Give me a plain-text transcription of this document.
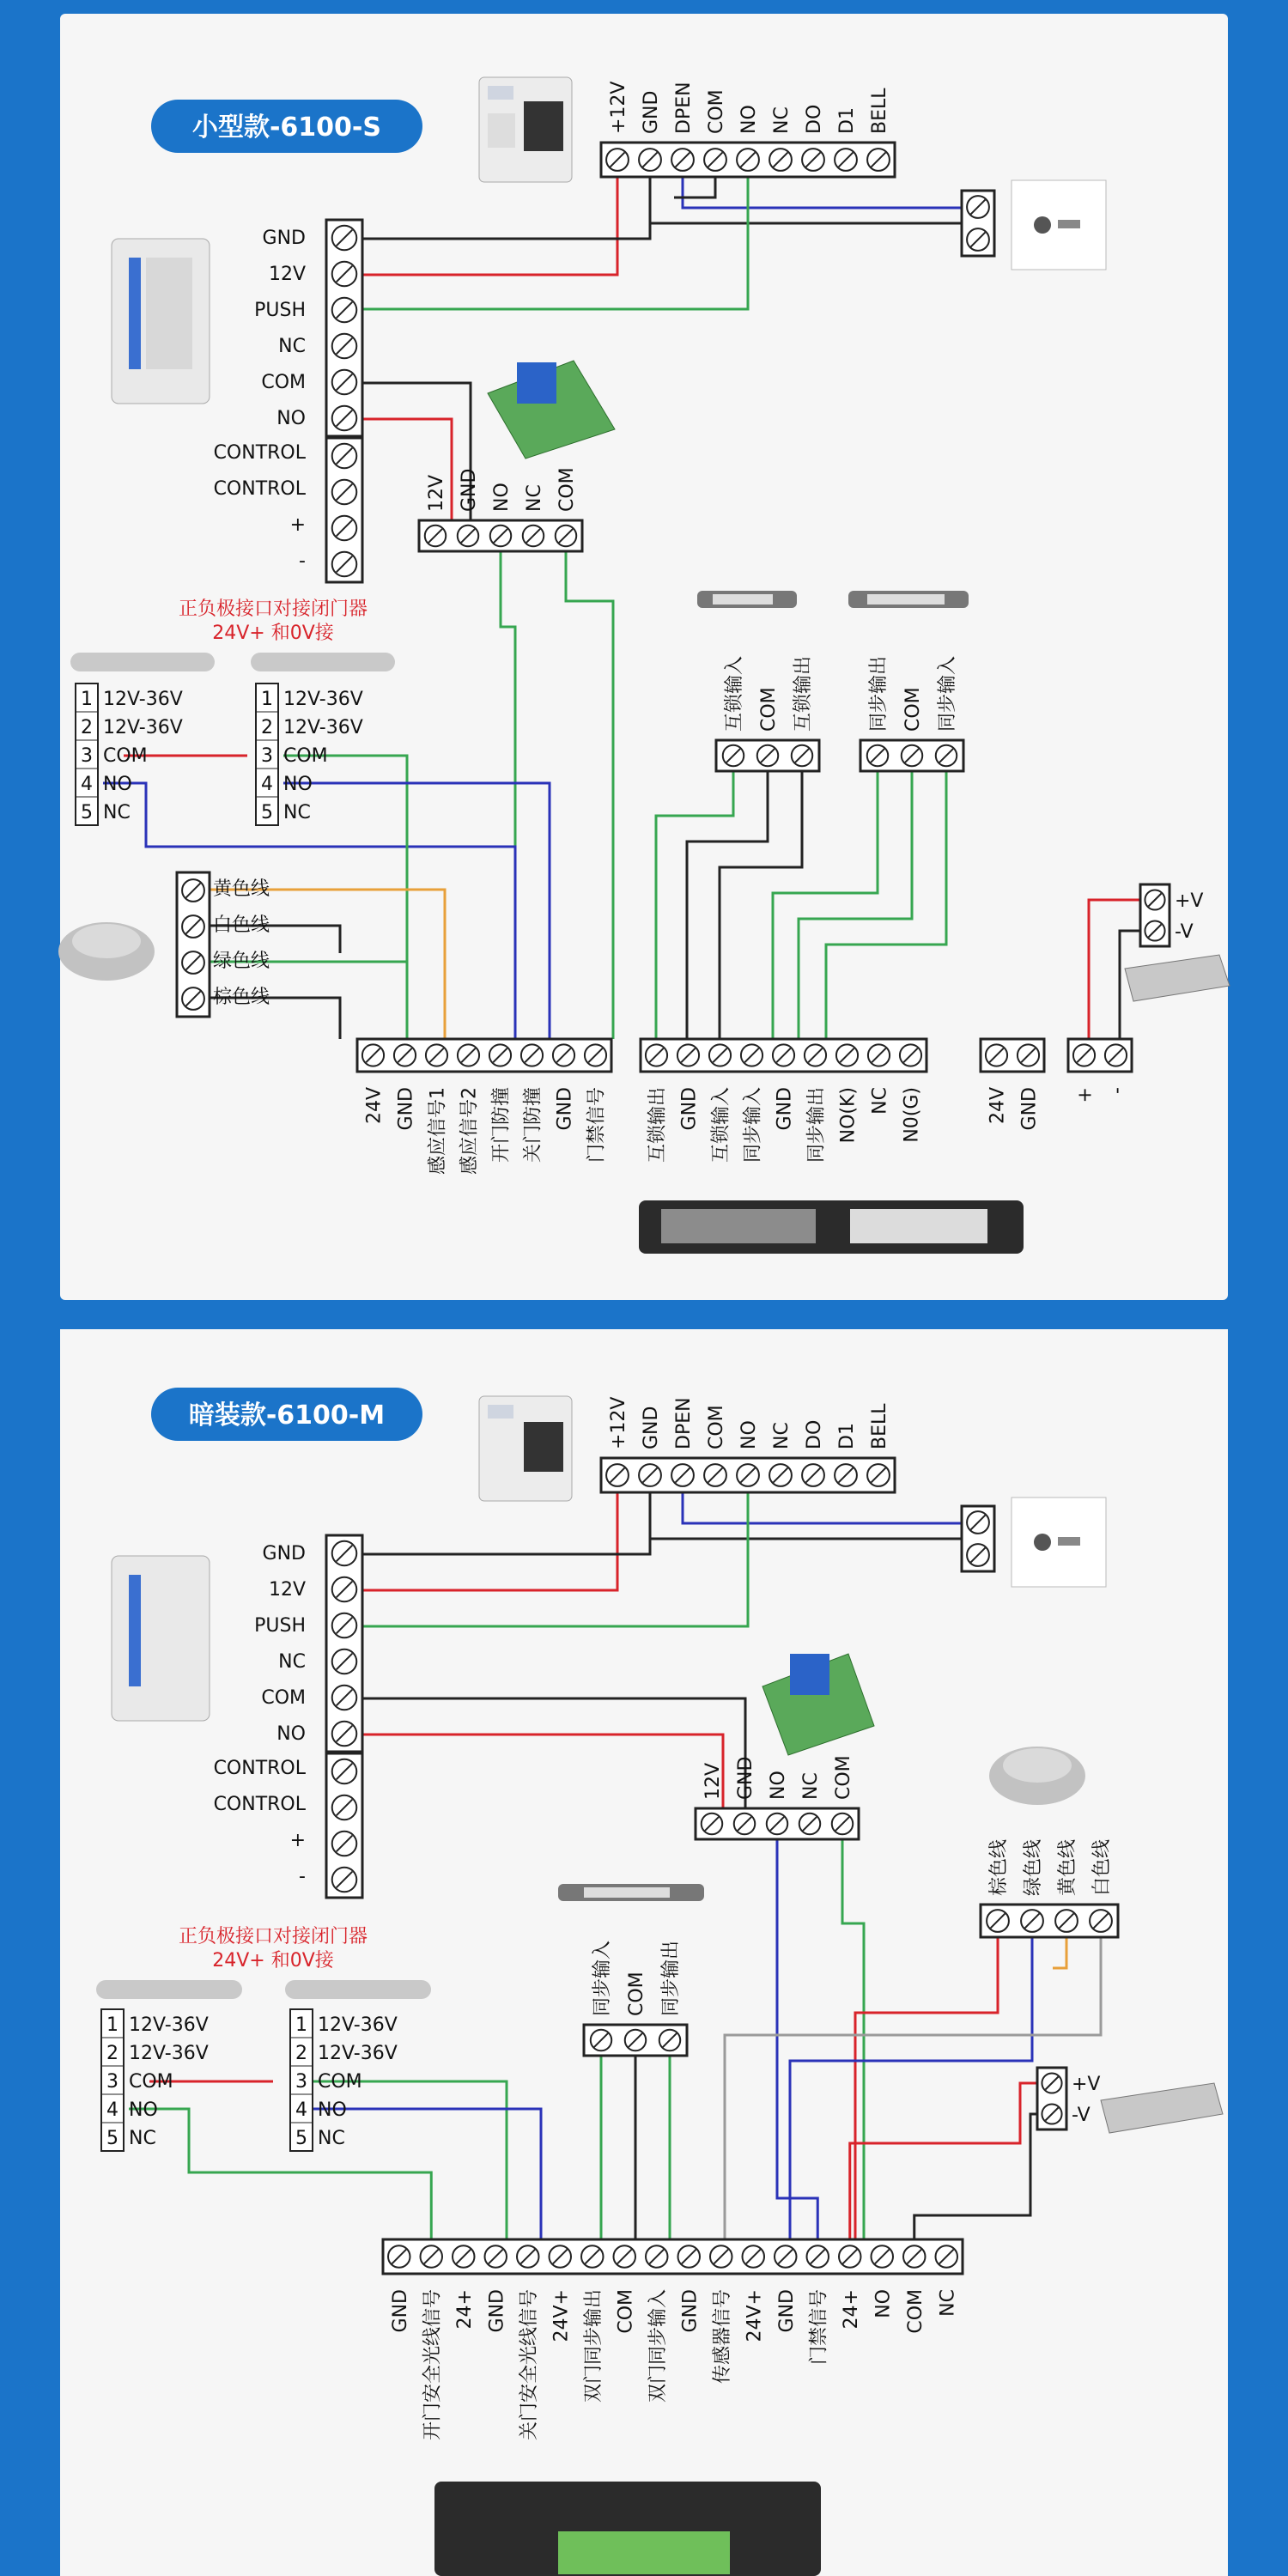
小型款-6100-S
暗装款-6100-M
+12V GND DPEN COM NO NC DO D1 BELL
GND
12V
PUSH
NC
COM
NO
CONTROL
CONTROL
+
-
12V GND NO NC COM
正负极接口对接闭门器
24V+ 和0V接
1 12V-36V
2 12V-36V
3 COM
4 NO
5 NC
1 12V-36V
2 12V-36V
3 COM
4 NO
5 NC
黄色线
白色线
绿色线
棕色线
互锁输入 COM 互锁输出	同步输出 COM 同步输入
+V
-V
24V GND 感应信号1 感应信号2 开门防撞 关门防撞 GND 门禁信号 互锁输出 GND 互锁输入 同步输入 GND 同步输出 NO(K) NC N0(G)	24V GND + -
+12V GND DPEN COM NO NC DO D1 BELL
GND
12V
PUSH
NC
COM
NO
CONTROL
CONTROL
+
-
12V GND NO NC COM
正负极接口对接闭门器
24V+ 和0V接
1 12V-36V
2 12V-36V
3 COM
4 NO
5 NC
1 12V-36V
2 12V-36V
3 COM
4 NO
5 NC
同步输入 COM 同步输出
棕色线 绿色线 黄色线 白色线
+V
-V
GND 开门安全光线信号 24+ GND 关门安全光线信号 24V+ 双门同步输出 COM 双门同步输入 GND 传感器信号 24V+ GND 门禁信号 24+ NO COM NC
